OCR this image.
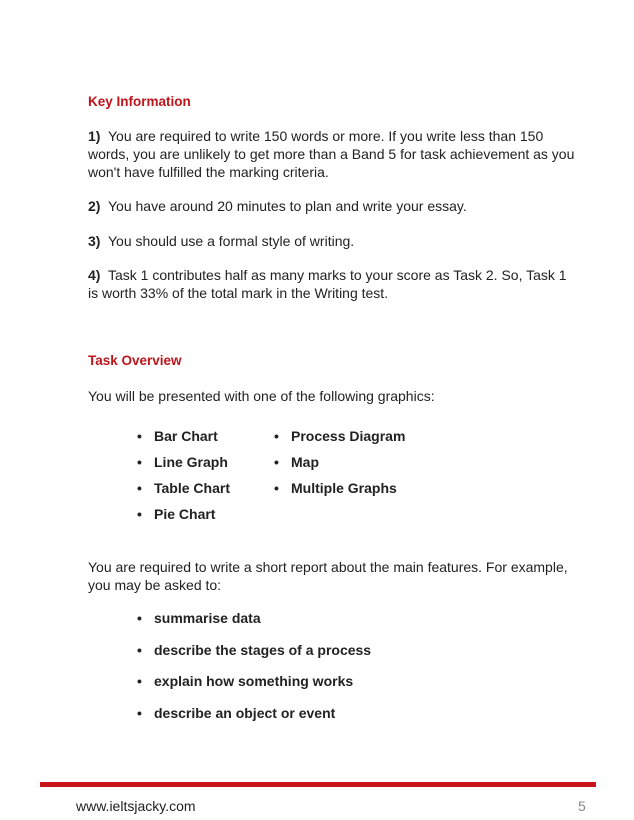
Key Information
1) You are required to write 150 words or more. If you write less than 150 words, you are unlikely to get more than a Band 5 for task achievement as you won't have fulfilled the marking criteria.
2) You have around 20 minutes to plan and write your essay.
3) You should use a formal style of writing.
4) Task 1 contributes half as many marks to your score as Task 2. So, Task 1 is worth 33% of the total mark in the Writing test.
Task Overview
You will be presented with one of the following graphics:
• Bar Chart
• Line Graph
• Table Chart
• Pie Chart
• Process Diagram
• Map
• Multiple Graphs
You are required to write a short report about the main features. For example, you may be asked to:
• summarise data
• describe the stages of a process
• explain how something works
• describe an object or event
www.ieltsjacky.com	5
